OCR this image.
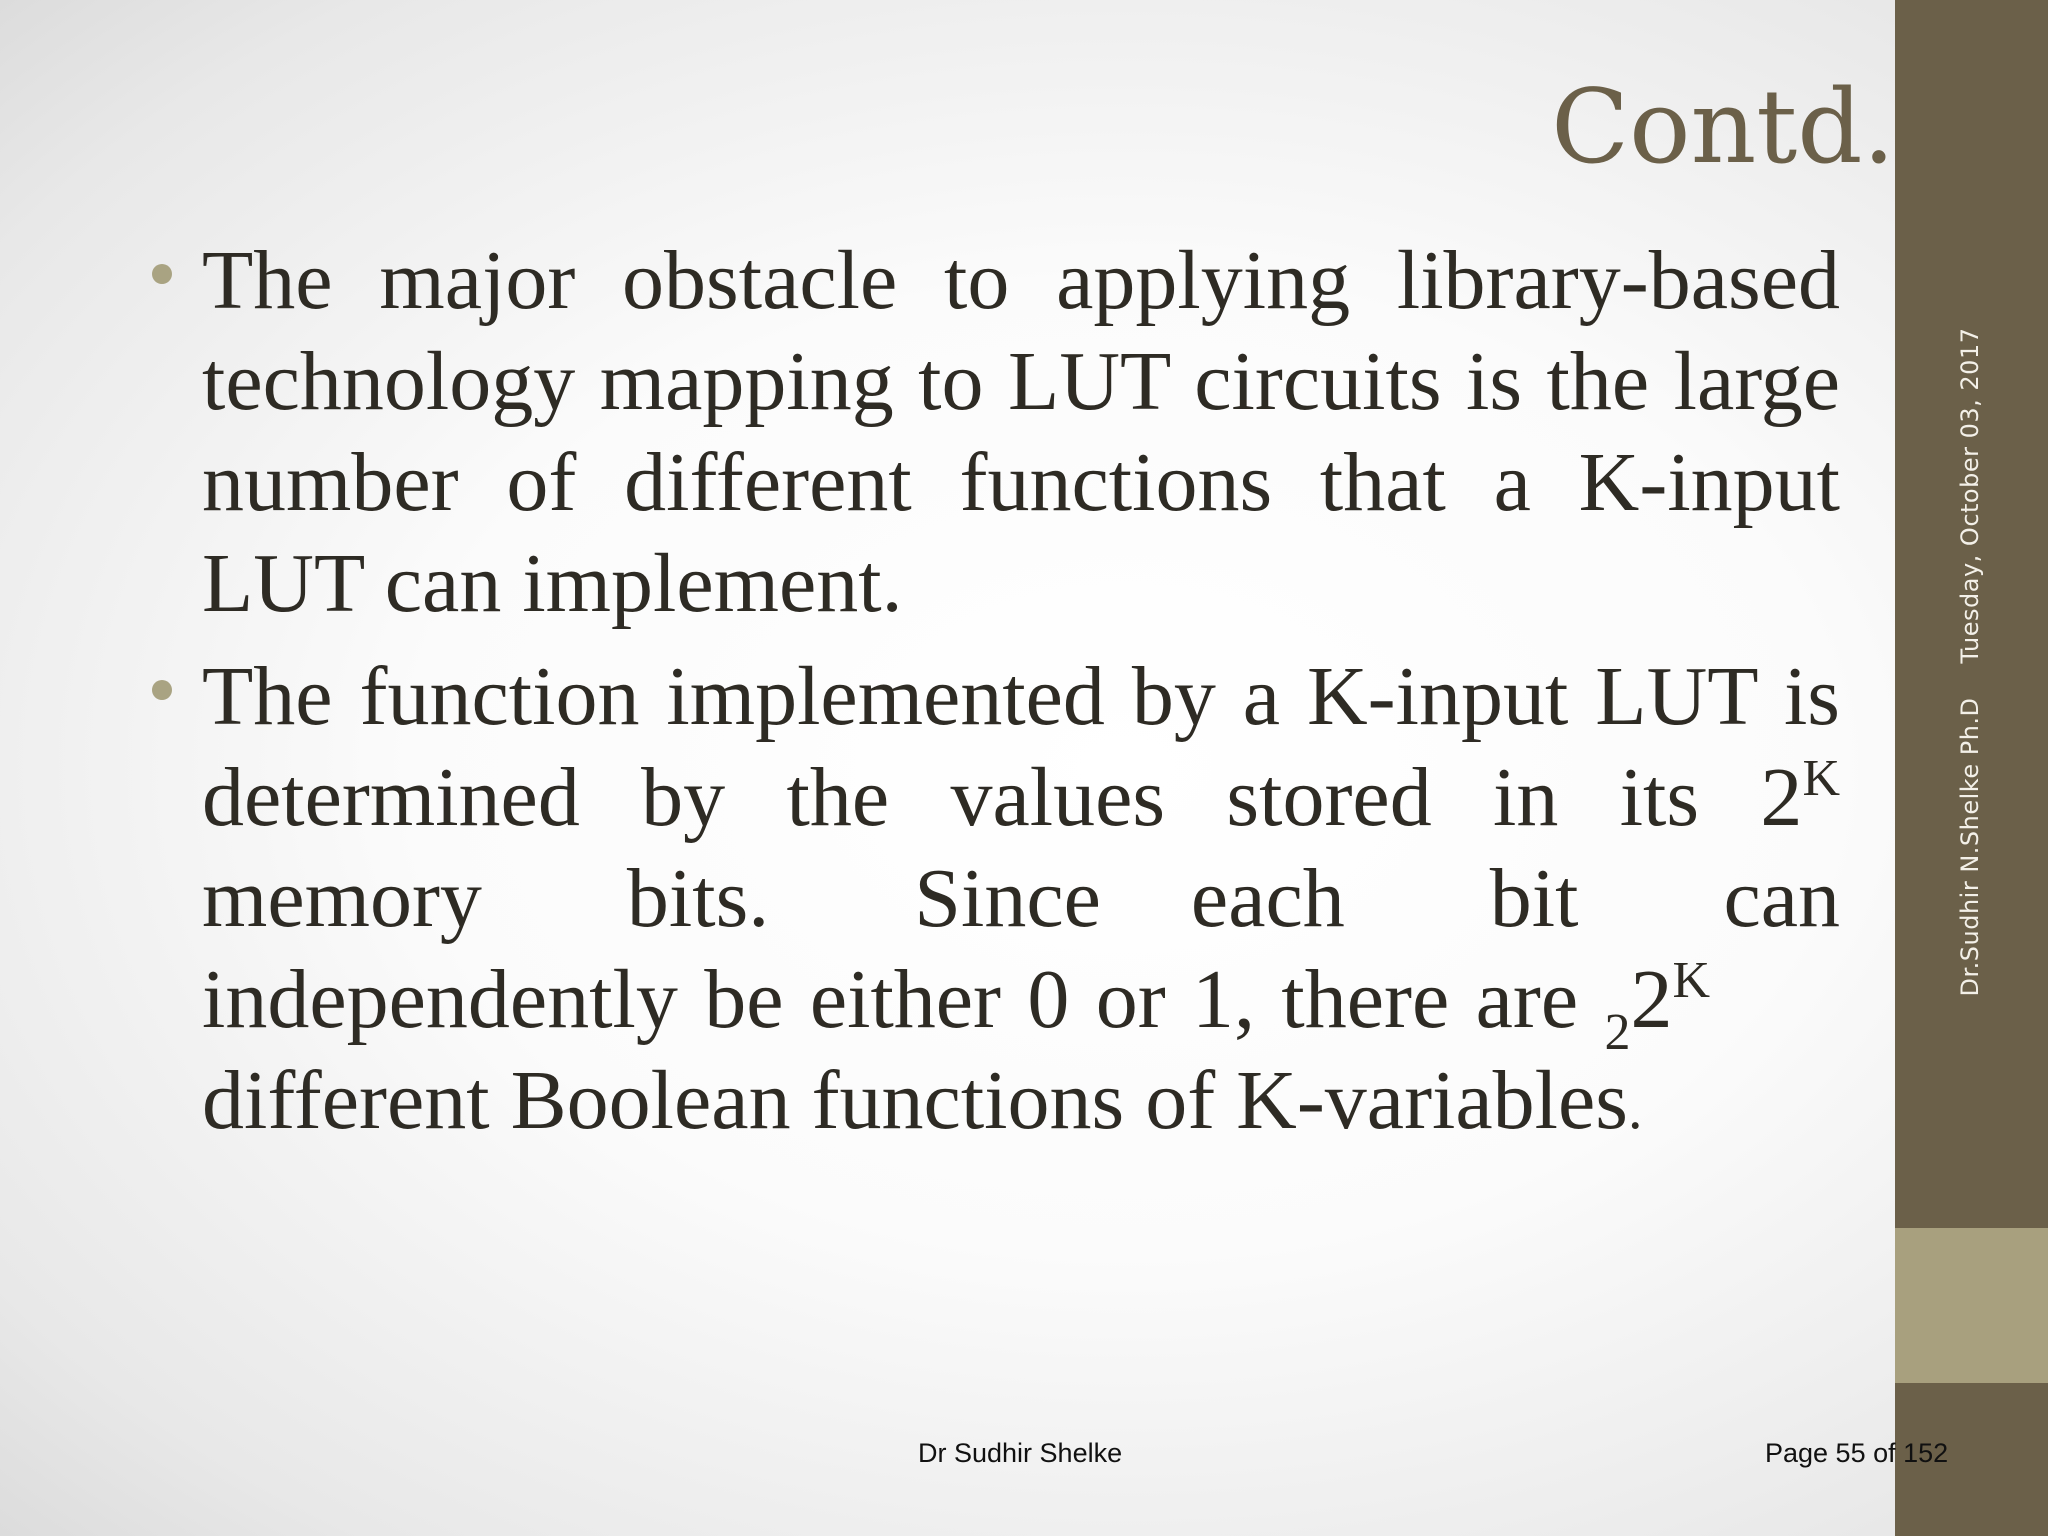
Dr.Sudhir N.Shelke Ph.DTuesday, October 03, 2017
Contd.

The major obstacle to applying library-based technology mapping to LUT circuits is the large number of different functions that a K-input LUT can implement.

The function implemented by a K-input LUT is determined by the values stored in its $2^K$ memory bits. Since each bit can independently be either 0 or 1, there are $_22^Kdifferent$ Boolean functions of K-variables.

Dr Sudhir Shelke	Page 55 of 152
